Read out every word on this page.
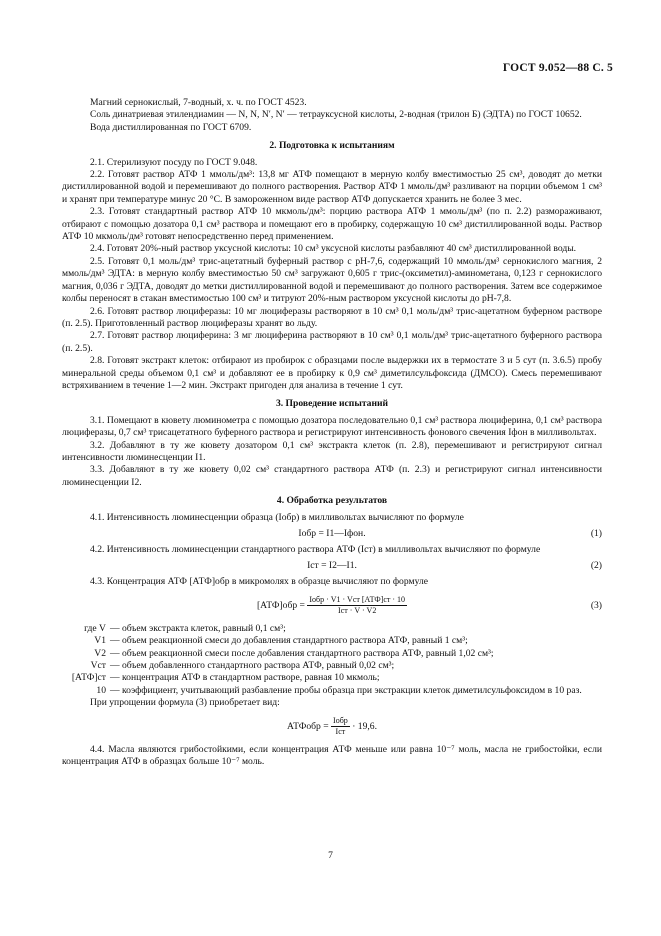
ГОСТ 9.052—88 С. 5

Магний сернокислый, 7-водный, х. ч. по ГОСТ 4523.

Соль динатриевая этилендиамин — N, N, N′, N′ — тетрауксусной кислоты, 2-водная (трилон Б) (ЭДТА) по ГОСТ 10652.

Вода дистиллированная по ГОСТ 6709.

2. Подготовка к испытаниям

2.1. Стерилизуют посуду по ГОСТ 9.048.

2.2. Готовят раствор АТФ 1 ммоль/дм³: 13,8 мг АТФ помещают в мерную колбу вместимостью 25 см³, доводят до метки дистиллированной водой и перемешивают до полного растворения. Раствор АТФ 1 ммоль/дм³ разливают на порции объемом 1 см³ и хранят при температуре минус 20 °С. В замороженном виде раствор АТФ допускается хранить не более 3 мес.

2.3. Готовят стандартный раствор АТФ 10 мкмоль/дм³: порцию раствора АТФ 1 ммоль/дм³ (по п. 2.2) размораживают, отбирают с помощью дозатора 0,1 см³ раствора и помещают его в пробирку, содержащую 10 см³ дистиллированной воды. Раствор АТФ 10 мкмоль/дм³ готовят непосредственно перед применением.

2.4. Готовят 20%-ный раствор уксусной кислоты: 10 см³ уксусной кислоты разбавляют 40 см³ дистиллированной воды.

2.5. Готовят 0,1 моль/дм³ трис-ацетатный буферный раствор с рН-7,6, содержащий 10 ммоль/дм³ сернокислого магния, 2 ммоль/дм³ ЭДТА: в мерную колбу вместимостью 50 см³ загружают 0,605 г трис-(оксиметил)-аминометана, 0,123 г сернокислого магния, 0,036 г ЭДТА, доводят до метки дистиллированной водой и перемешивают до полного растворения. Затем все содержимое колбы переносят в стакан вместимостью 100 см³ и титруют 20%-ным раствором уксусной кислоты до рН-7,8.

2.6. Готовят раствор люциферазы: 10 мг люциферазы растворяют в 10 см³ 0,1 моль/дм³ трис-ацетатном буферном растворе (п. 2.5). Приготовленный раствор люциферазы хранят во льду.

2.7. Готовят раствор люциферина: 3 мг люциферина растворяют в 10 см³ 0,1 моль/дм³ трис-ацетатного буферного раствора (п. 2.5).

2.8. Готовят экстракт клеток: отбирают из пробирок с образцами после выдержки их в термостате 3 и 5 сут (п. 3.6.5) пробу минеральной среды объемом 0,1 см³ и добавляют ее в пробирку к 0,9 см³ диметилсульфоксида (ДМСО). Смесь перемешивают встряхиванием в течение 1—2 мин. Экстракт пригоден для анализа в течение 1 сут.

3. Проведение испытаний

3.1. Помещают в кювету люминометра с помощью дозатора последовательно 0,1 см³ раствора люциферина, 0,1 см³ раствора люциферазы, 0,7 см³ трисацетатного буферного раствора и регистрируют интенсивность фонового свечения Iфон в милливольтах.

3.2. Добавляют в ту же кювету дозатором 0,1 см³ экстракта клеток (п. 2.8), перемешивают и регистрируют сигнал интенсивности люминесценции I1.

3.3. Добавляют в ту же кювету 0,02 см³ стандартного раствора АТФ (п. 2.3) и регистрируют сигнал интенсивности люминесценции I2.

4. Обработка результатов

4.1. Интенсивность люминесценции образца (Iобр) в милливольтах вычисляют по формуле

Iобр = I1—Iфон.	(1)

4.2. Интенсивность люминесценции стандартного раствора АТФ (Iст) в милливольтах вычисляют по формуле

Iст = I2—I1.	(2)

4.3. Концентрация АТФ [АТФ]обр в микромолях в образце вычисляют по формуле

$[АТФ]обр = \frac{\text{Iобр · V1 · Vст [АТФ]ст · 10}}{\text{Iст · V · V2}}$	(3)
где V — объем экстракта клеток, равный 0,1 см³;
V1 — объем реакционной смеси до добавления стандартного раствора АТФ, равный 1 см³;
V2 — объем реакционной смеси после добавления стандартного раствора АТФ, равный 1,02 см³;
Vст — объем добавленного стандартного раствора АТФ, равный 0,02 см³;
[АТФ]ст — концентрация АТФ в стандартном растворе, равная 10 мкмоль;
10 — коэффициент, учитывающий разбавление пробы образца при экстракции клеток диметилсульфоксидом в 10 раз.

При упрощении формула (3) приобретает вид:

АТФобр = $\frac{\text{Iобр}}{\text{Iст}} \cdot 19,6$.

4.4. Масла являются грибостойкими, если концентрация АТФ меньше или равна 10⁻⁷ моль, масла не грибостойки, если концентрация АТФ в образцах больше 10⁻⁷ моль.

7
